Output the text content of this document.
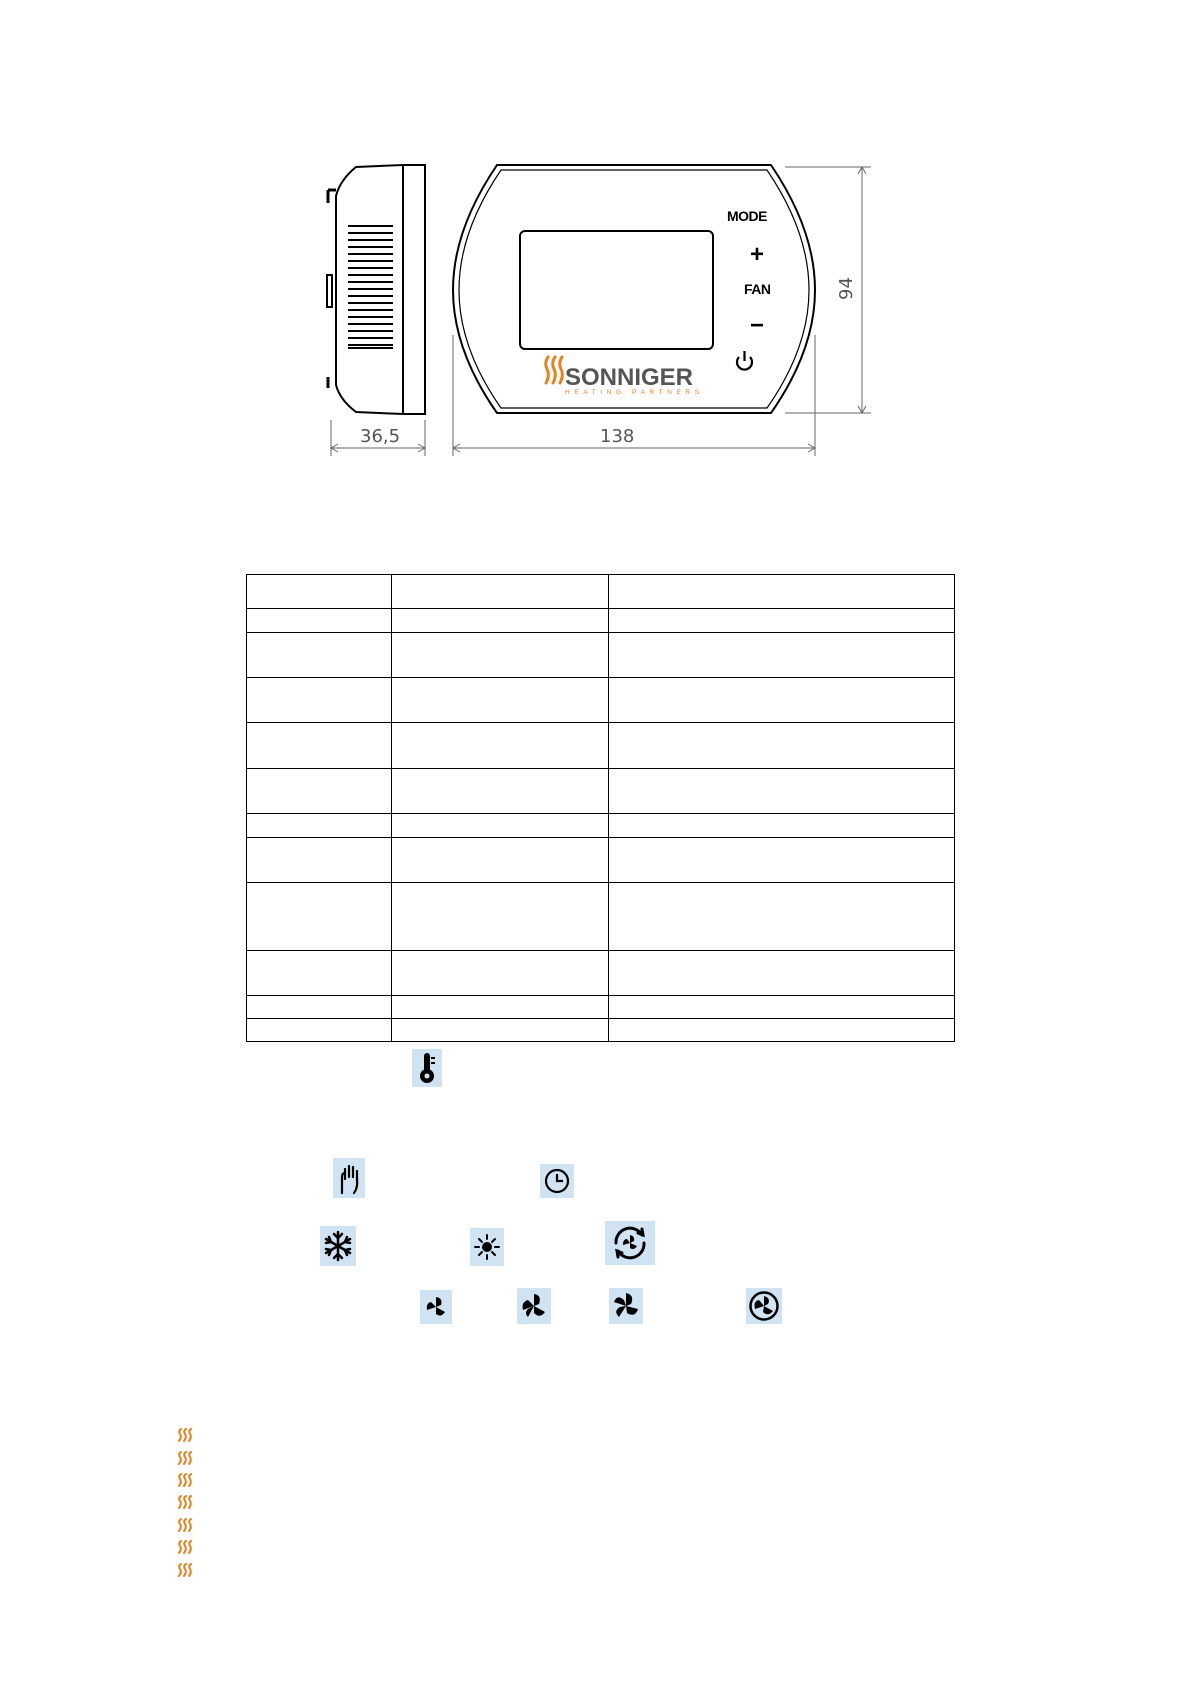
MODE
+
FAN
−
SONNIGER
HEATING PARTNERS
36,5	138
94
